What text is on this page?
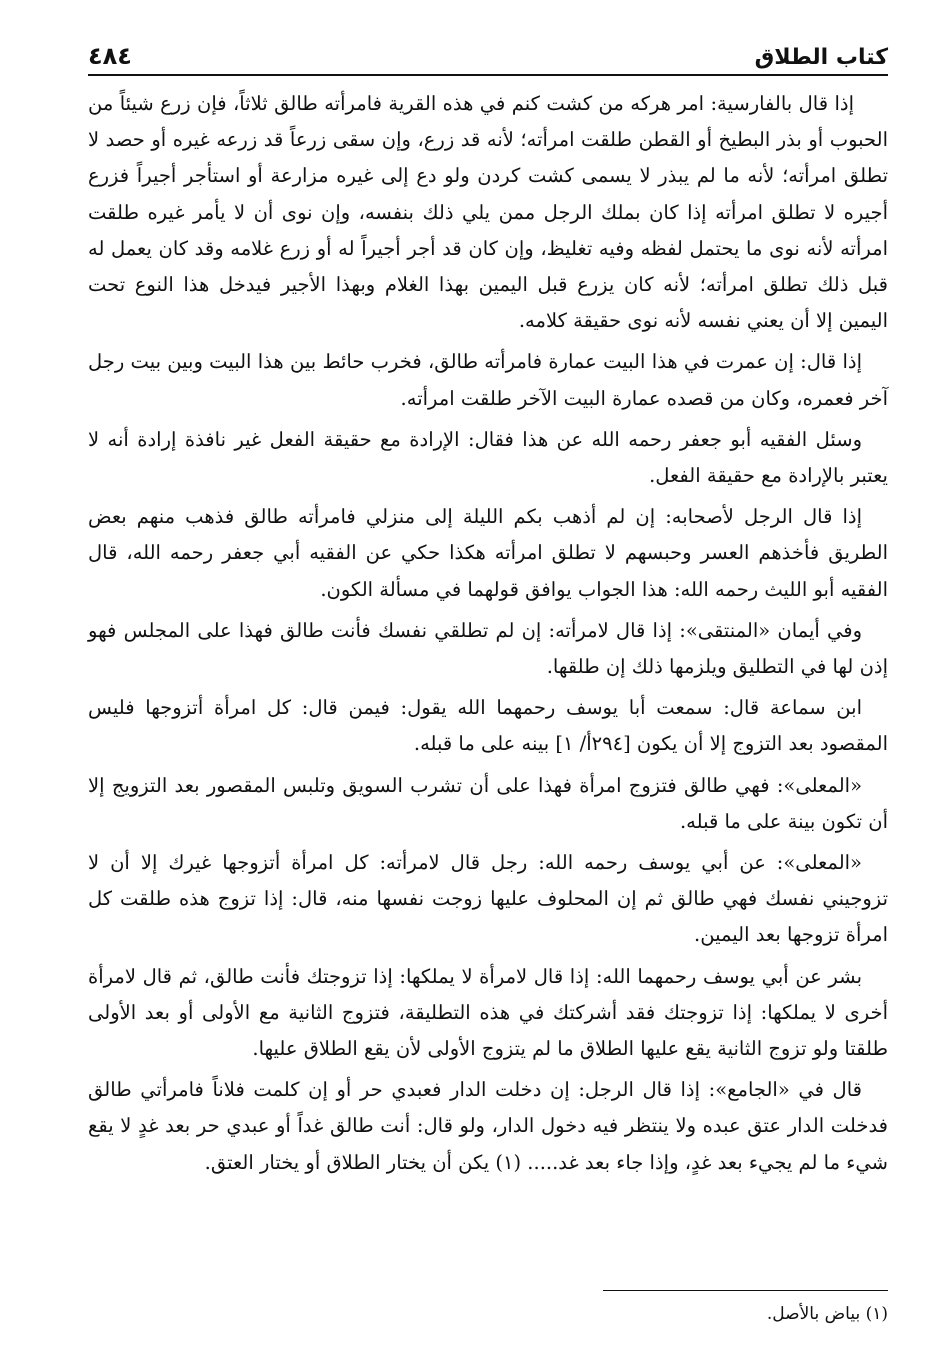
كتاب الطلاق
٤٨٤

إذا قال بالفارسية: امر هركه من كشت كنم في هذه القرية فامرأته طالق ثلاثاً، فإن زرع شيئاً من الحبوب أو بذر البطيخ أو القطن طلقت امرأته؛ لأنه قد زرع، وإن سقى زرعاً قد زرعه غيره أو حصد لا تطلق امرأته؛ لأنه ما لم يبذر لا يسمى كشت كردن ولو دع إلى غيره مزارعة أو استأجر أجيراً فزرع أجيره لا تطلق امرأته إذا كان بملك الرجل ممن يلي ذلك بنفسه، وإن نوى أن لا يأمر غيره طلقت امرأته لأنه نوى ما يحتمل لفظه وفيه تغليظ، وإن كان قد أجر أجيراً له أو زرع غلامه وقد كان يعمل له قبل ذلك تطلق امرأته؛ لأنه كان يزرع قبل اليمين بهذا الغلام وبهذا الأجير فيدخل هذا النوع تحت اليمين إلا أن يعني نفسه لأنه نوى حقيقة كلامه.

إذا قال: إن عمرت في هذا البيت عمارة فامرأته طالق، فخرب حائط بين هذا البيت وبين بيت رجل آخر فعمره، وكان من قصده عمارة البيت الآخر طلقت امرأته.

وسئل الفقيه أبو جعفر رحمه الله عن هذا فقال: الإرادة مع حقيقة الفعل غير نافذة إرادة أنه لا يعتبر بالإرادة مع حقيقة الفعل.

إذا قال الرجل لأصحابه: إن لم أذهب بكم الليلة إلى منزلي فامرأته طالق فذهب منهم بعض الطريق فأخذهم العسر وحبسهم لا تطلق امرأته هكذا حكي عن الفقيه أبي جعفر رحمه الله، قال الفقيه أبو الليث رحمه الله: هذا الجواب يوافق قولهما في مسألة الكون.

وفي أيمان «المنتقى»: إذا قال لامرأته: إن لم تطلقي نفسك فأنت طالق فهذا على المجلس فهو إذن لها في التطليق ويلزمها ذلك إن طلقها.

ابن سماعة قال: سمعت أبا يوسف رحمهما الله يقول: فيمن قال: كل امرأة أتزوجها فليس المقصود بعد التزوج إلا أن يكون [٢٩٤أ/ ١] بينه على ما قبله.

«المعلى»: فهي طالق فتزوج امرأة فهذا على أن تشرب السويق وتلبس المقصور بعد التزويج إلا أن تكون بينة على ما قبله.

«المعلى»: عن أبي يوسف رحمه الله: رجل قال لامرأته: كل امرأة أتزوجها غيرك إلا أن لا تزوجيني نفسك فهي طالق ثم إن المحلوف عليها زوجت نفسها منه، قال: إذا تزوج هذه طلقت كل امرأة تزوجها بعد اليمين.

بشر عن أبي يوسف رحمهما الله: إذا قال لامرأة لا يملكها: إذا تزوجتك فأنت طالق، ثم قال لامرأة أخرى لا يملكها: إذا تزوجتك فقد أشركتك في هذه التطليقة، فتزوج الثانية مع الأولى أو بعد الأولى طلقتا ولو تزوج الثانية يقع عليها الطلاق ما لم يتزوج الأولى لأن يقع الطلاق عليها.

قال في «الجامع»: إذا قال الرجل: إن دخلت الدار فعبدي حر أو إن كلمت فلاناً فامرأتي طالق فدخلت الدار عتق عبده ولا ينتظر فيه دخول الدار، ولو قال: أنت طالق غداً أو عبدي حر بعد غدٍ لا يقع شيء ما لم يجيء بعد غدٍ، وإذا جاء بعد غد..... (١) يكن أن يختار الطلاق أو يختار العتق.

(١) بياض بالأصل.
